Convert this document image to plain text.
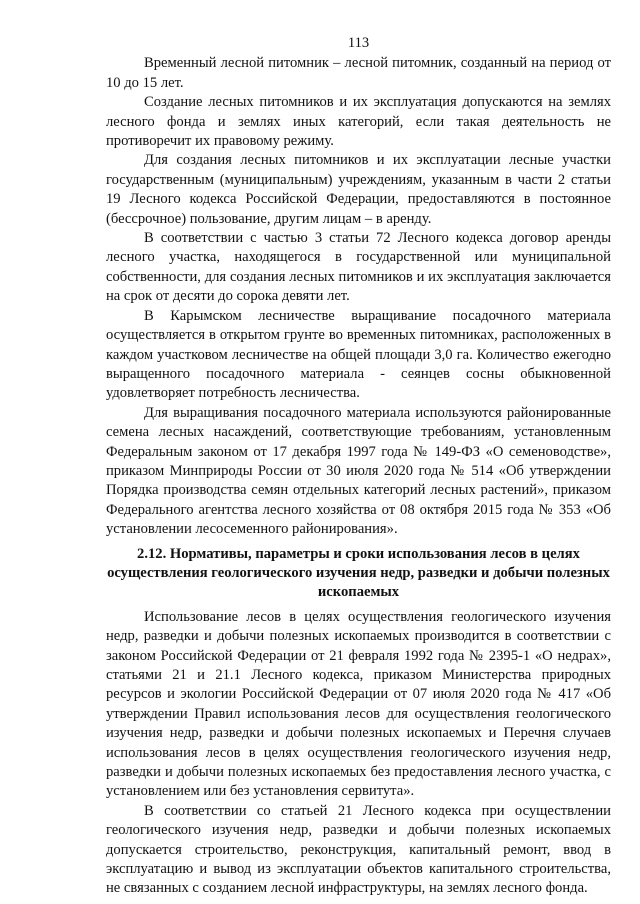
113

Временный лесной питомник – лесной питомник, созданный на период от 10 до 15 лет.

Создание лесных питомников и их эксплуатация допускаются на землях лесного фонда и землях иных категорий, если такая деятельность не противоречит их правовому режиму.

Для создания лесных питомников и их эксплуатации лесные участки государственным (муниципальным) учреждениям, указанным в части 2 статьи 19 Лесного кодекса Российской Федерации, предоставляются в постоянное (бессрочное) пользование, другим лицам – в аренду.

В соответствии с частью 3 статьи 72 Лесного кодекса договор аренды лесного участка, находящегося в государственной или муниципальной собственности, для создания лесных питомников и их эксплуатация заключается на срок от десяти до сорока девяти лет.

В Карымском лесничестве выращивание посадочного материала осуществляется в открытом грунте во временных питомниках, расположенных в каждом участковом лесничестве на общей площади 3,0 га. Количество ежегодно выращенного посадочного материала - сеянцев сосны обыкновенной удовлетворяет потребность лесничества.

Для выращивания посадочного материала используются районированные семена лесных насаждений, соответствующие требованиям, установленным Федеральным законом от 17 декабря 1997 года № 149-ФЗ «О семеноводстве», приказом Минприроды России от 30 июля 2020 года № 514 «Об утверждении Порядка производства семян отдельных категорий лесных растений», приказом Федерального агентства лесного хозяйства от 08 октября 2015 года № 353 «Об установлении лесосеменного районирования».

2.12. Нормативы, параметры и сроки использования лесов в целях осуществления геологического изучения недр, разведки и добычи полезных ископаемых

Использование лесов в целях осуществления геологического изучения недр, разведки и добычи полезных ископаемых производится в соответствии с законом Российской Федерации от 21 февраля 1992 года № 2395-1 «О недрах», статьями 21 и 21.1 Лесного кодекса, приказом Министерства природных ресурсов и экологии Российской Федерации от 07 июля 2020 года № 417 «Об утверждении Правил использования лесов для осуществления геологического изучения недр, разведки и добычи полезных ископаемых и Перечня случаев использования лесов в целях осуществления геологического изучения недр, разведки и добычи полезных ископаемых без предоставления лесного участка, с установлением или без установления сервитута».

В соответствии со статьей 21 Лесного кодекса при осуществлении геологического изучения недр, разведки и добычи полезных ископаемых допускается строительство, реконструкция, капитальный ремонт, ввод в эксплуатацию и вывод из эксплуатации объектов капитального строительства, не связанных с созданием лесной инфраструктуры, на землях лесного фонда.
